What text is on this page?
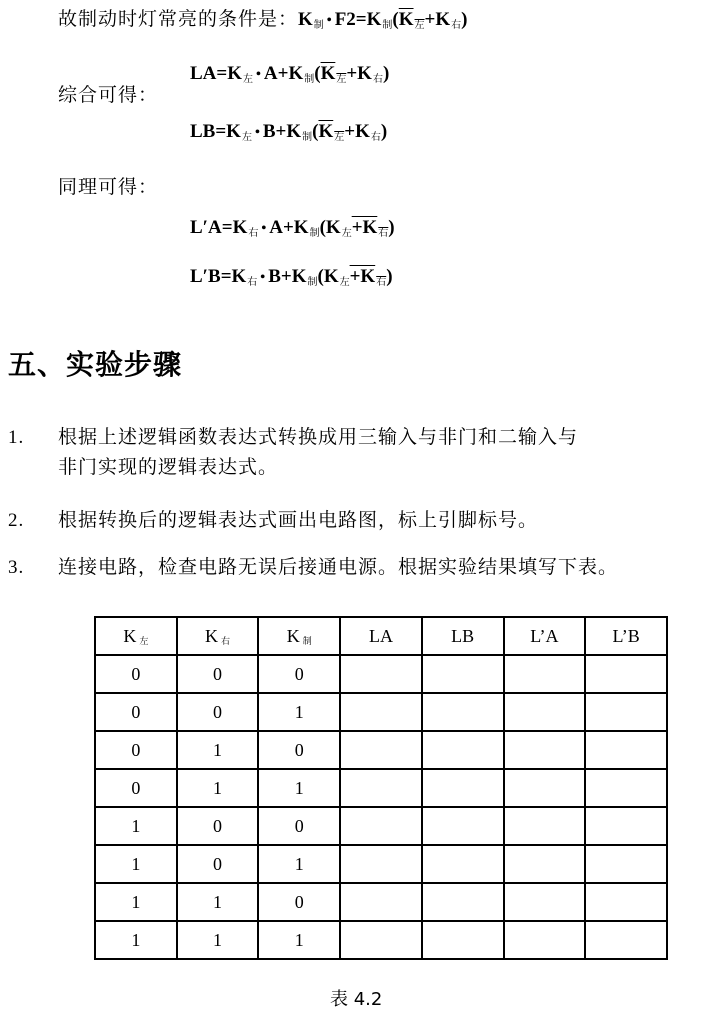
故制动时灯常亮的条件是：$K_制$ • $F2=K_制(K_左+K_右)$
综合可得：
$LA=K_左$ • $A+K_制(K_左+K_右)$
$LB=K_左$ • $B+K_制(K_左+K_右)$
同理可得：
$L'A=K_右$ • $A+K_制(K_左+K_右)$
$L'B=K_右$ • $B+K_制(K_左+K_右)$
五、实验步骤
1. 根据上述逻辑函数表达式转换成用三输入与非门和二输入与
非门实现的逻辑表达式。
2. 根据转换后的逻辑表达式画出电路图，标上引脚标号。
3. 连接电路，检查电路无误后接通电源。根据实验结果填写下表。
K $_左$	K $_右$	K $_制$	LA	LB	L’A	L’B
0	0	0				
0	0	1				
0	1	0				
0	1	1				
1	0	0				
1	0	1				
1	1	0				
1	1	1				
表 4.2
